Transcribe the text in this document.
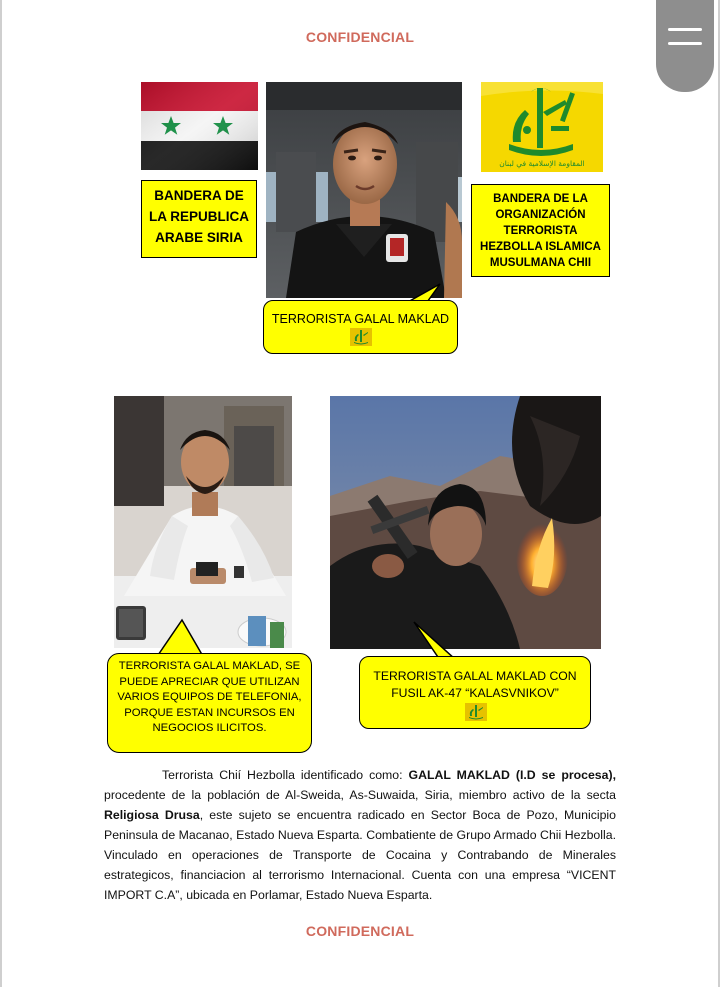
CONFIDENCIAL
BANDERA DE LA REPUBLICA ARABE SIRIA
المقاومة الإسلامية في لبنان
BANDERA DE LA ORGANIZACIÓN TERRORISTA HEZBOLLA ISLAMICA MUSULMANA CHII
TERRORISTA GALAL MAKLAD
TERRORISTA GALAL MAKLAD, SE PUEDE APRECIAR QUE UTILIZAN VARIOS EQUIPOS DE TELEFONIA, PORQUE ESTAN INCURSOS EN NEGOCIOS ILICITOS.
TERRORISTA GALAL MAKLAD CON
FUSIL AK-47 “KALASVNIKOV”
Terrorista Chií Hezbolla identificado como: GALAL MAKLAD (I.D se procesa), procedente de la población de Al-Sweida, As-Suwaida, Siria, miembro activo de la secta Religiosa Drusa, este sujeto se encuentra radicado en Sector Boca de Pozo, Municipio Peninsula de Macanao, Estado Nueva Esparta. Combatiente de Grupo Armado Chii Hezbolla. Vinculado en operaciones de Transporte de Cocaina y Contrabando de Minerales estrategicos, financiacion al terrorismo Internacional. Cuenta con una empresa “VICENT IMPORT C.A”, ubicada en Porlamar, Estado Nueva Esparta.
CONFIDENCIAL
